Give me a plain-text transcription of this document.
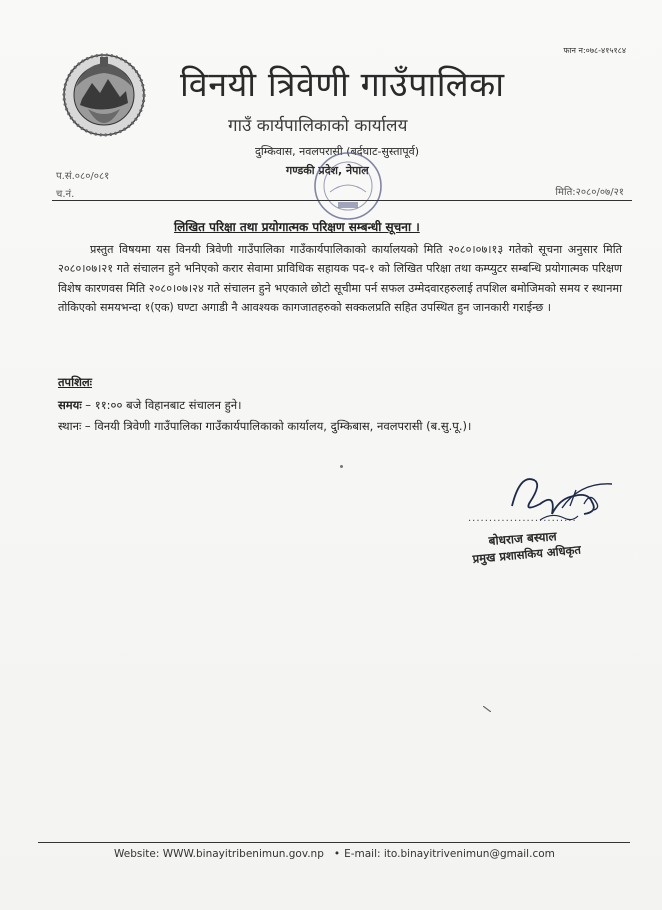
फान न:०७८-४१५१८४
विनयी त्रिवेणी गाउँपालिका
गाउँ कार्यपालिकाको कार्यालय
दुम्किवास, नवलपरासी (बर्दघाट-सुस्तापूर्व)
गण्डकी प्रदेश, नेपाल
प.सं.०८०/०८१
च.नं.	मिति:२०८०/०७/२१
लिखित परिक्षा तथा प्रयोगात्मक परिक्षण सम्बन्धी सूचना ।
प्रस्तुत विषयमा यस विनयी त्रिवेणी गाउँपालिका गाउँकार्यपालिकाको कार्यालयको मिति २०८०।०७।१३ गतेको सूचना अनुसार मिति २०८०।०७।२१ गते संचालन हुने भनिएको करार सेवामा प्राविधिक सहायक पद-१ को लिखित परिक्षा तथा कम्प्युटर सम्बन्धि प्रयोगात्मक परिक्षण विशेष कारणवस मिति २०८०।०७।२४ गते संचालन हुने भएकाले छोटो सूचीमा पर्न सफल उम्मेदवारहरुलाई तपशिल बमोजिमको समय र स्थानमा तोकिएको समयभन्दा १(एक) घण्टा अगाडी नै आवश्यक कागजातहरुको सक्कलप्रति सहित उपस्थित हुन जानकारी गराईन्छ ।
तपशिलः
समयः – ११:०० बजे विहानबाट संचालन हुने।
स्थानः – विनयी त्रिवेणी गाउँपालिका गाउँकार्यपालिकाको कार्यालय, दुम्किबास, नवलपरासी (ब.सु.पू.)।
..........................
बोधराज बस्याल
प्रमुख प्रशासकिय अधिकृत
Website: WWW.binayitribenimun.gov.np • E-mail: ito.binayitrivenimun@gmail.com
